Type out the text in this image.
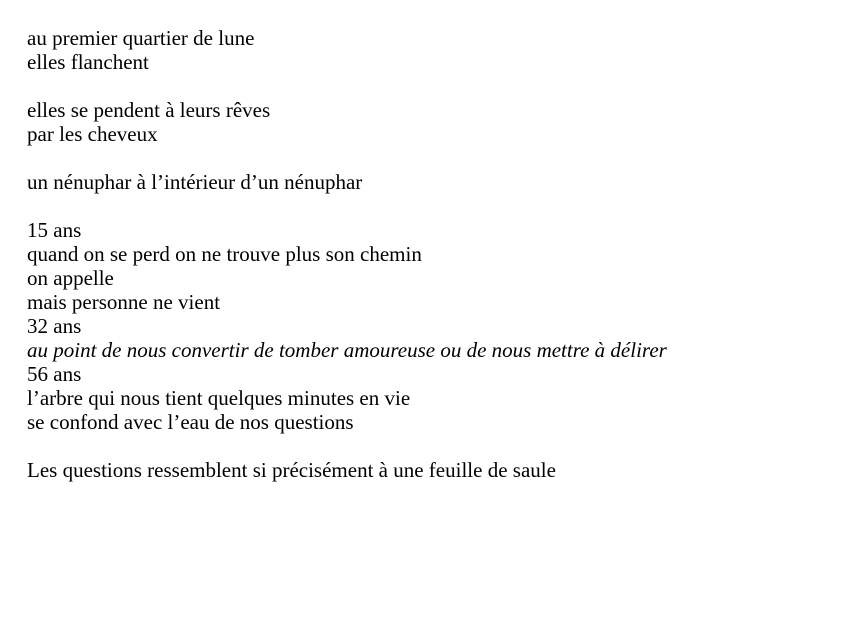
au premier quartier de lune
elles flanchent
elles se pendent à leurs rêves
par les cheveux
un nénuphar à l’intérieur d’un nénuphar
15 ans
quand on se perd on ne trouve plus son chemin
on appelle
mais personne ne vient
32 ans
au point de nous convertir de tomber amoureuse ou de nous mettre à délirer
56 ans
l’arbre qui nous tient quelques minutes en vie
se confond avec l’eau de nos questions
Les questions ressemblent si précisément à une feuille de saule
